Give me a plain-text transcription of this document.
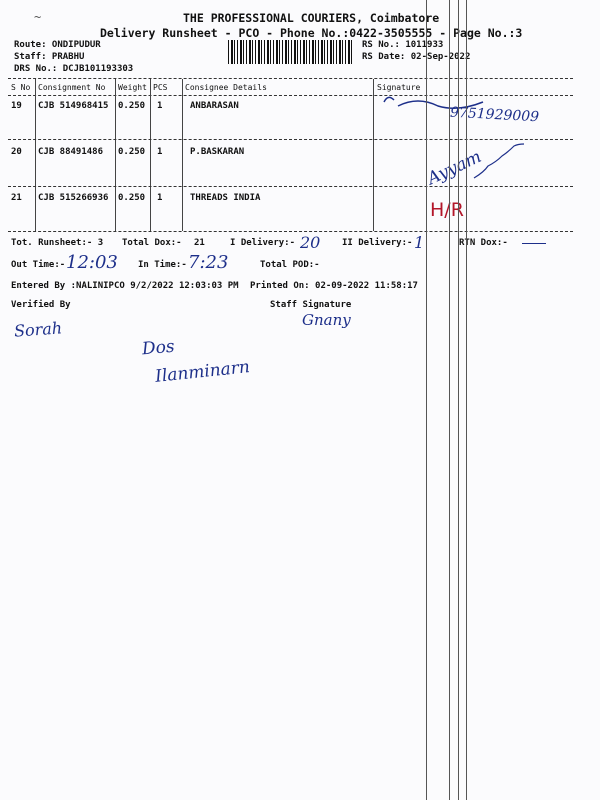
~	THE PROFESSIONAL COURIERS, Coimbatore
Delivery Runsheet - PCO - Phone No.:0422-3505555 - Page No.:3
Route: ONDIPUDUR
Staff: PRABHU
DRS No.: DCJB101193303
RS No.: 1011933
RS Date: 02-Sep-2022
S No Consignment No Weight PCS Consignee Details	Signature
19 CJB 514968415 0.250 1	ANBARASAN	9751929009
20 CJB 88491486 0.250 1	P.BASKARAN	Ayyam
21 CJB 515266936 0.250 1	THREADS INDIA
H/R
Tot. Runsheet:- 3 Total Dox:- 21	I Delivery:- 20 II Delivery:- 1	RTN Dox:-
Out Time:- 12:03 In Time:- 7:23	Total POD:-
Entered By :NALINIPCO 9/2/2022 12:03:03 PM Printed On: 02-09-2022 11:58:17
Verified By	Staff Signature
Sorah	Gnany
Dos
Ilanminarn
